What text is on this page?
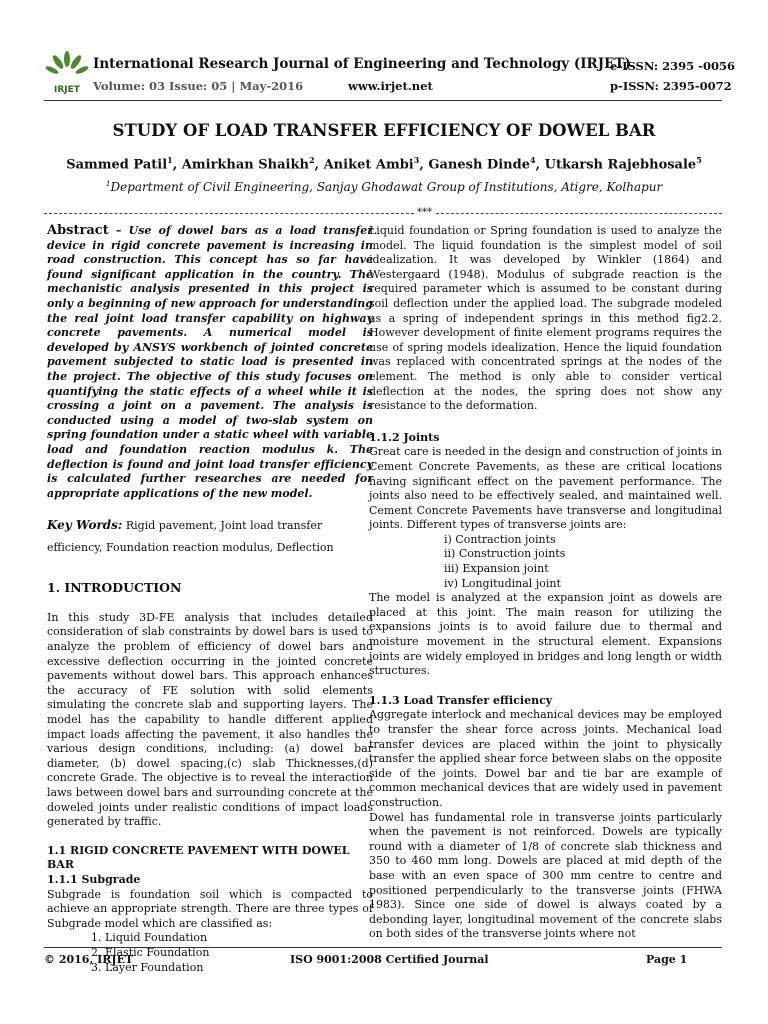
IRJET
International Research Journal of Engineering and Technology (IRJET)
Volume: 03 Issue: 05 | May-2016	www.irjet.net
e-ISSN: 2395 -0056
p-ISSN: 2395-0072
STUDY OF LOAD TRANSFER EFFICIENCY OF DOWEL BAR
Sammed Patil$^1$, Amirkhan Shaikh$^2$, Aniket Ambi$^3$, Ganesh Dinde$^4$, Utkarsh Rajebhosale$^5$
$^1$Department of Civil Engineering, Sanjay Ghodawat Group of Institutions, Atigre, Kolhapur
***

Abstract – Use of dowel bars as a load transfer device in rigid concrete pavement is increasing in road construction. This concept has so far have found significant application in the country. The mechanistic analysis presented in this project is only a beginning of new approach for understanding the real joint load transfer capability on highway concrete pavements. A numerical model is developed by ANSYS workbench of jointed concrete pavement subjected to static load is presented in the project. The objective of this study focuses on quantifying the static effects of a wheel while it is crossing a joint on a pavement. The analysis is conducted using a model of two-slab system on spring foundation under a static wheel with variable load and foundation reaction modulus k. The deflection is found and joint load transfer efficiency is calculated further researches are needed for appropriate applications of the new model.

Key Words: Rigid pavement, Joint load transfer efficiency, Foundation reaction modulus, Deflection

1. INTRODUCTION

In this study 3D-FE analysis that includes detailed consideration of slab constraints by dowel bars is used to analyze the problem of efficiency of dowel bars and excessive deflection occurring in the jointed concrete pavements without dowel bars. This approach enhances the accuracy of FE solution with solid elements simulating the concrete slab and supporting layers. The model has the capability to handle different applied impact loads affecting the pavement, it also handles the various design conditions, including: (a) dowel bar diameter, (b) dowel spacing,(c) slab Thicknesses,(d) concrete Grade. The objective is to reveal the interaction laws between dowel bars and surrounding concrete at the doweled joints under realistic conditions of impact loads generated by traffic.

1.1 RIGID CONCRETE PAVEMENT WITH DOWEL BAR
1.1.1 Subgrade

Subgrade is foundation soil which is compacted to achieve an appropriate strength. There are three types of Subgrade model which are classified as:

1. Liquid Foundation
2. Elastic Foundation
3. Layer Foundation

Liquid foundation or Spring foundation is used to analyze the model. The liquid foundation is the simplest model of soil idealization. It was developed by Winkler (1864) and Westergaard (1948). Modulus of subgrade reaction is the required parameter which is assumed to be constant during soil deflection under the applied load. The subgrade modeled as a spring of independent springs in this method fig2.2. However development of finite element programs requires the use of spring models idealization. Hence the liquid foundation was replaced with concentrated springs at the nodes of the element. The method is only able to consider vertical deflection at the nodes, the spring does not show any resistance to the deformation.

1.1.2 Joints

Great care is needed in the design and construction of joints in Cement Concrete Pavements, as these are critical locations having significant effect on the pavement performance. The joints also need to be effectively sealed, and maintained well. Cement Concrete Pavements have transverse and longitudinal joints. Different types of transverse joints are:

i) Contraction joints
ii) Construction joints
iii) Expansion joint
iv) Longitudinal joint

The model is analyzed at the expansion joint as dowels are placed at this joint. The main reason for utilizing the expansions joints is to avoid failure due to thermal and moisture movement in the structural element. Expansions joints are widely employed in bridges and long length or width structures.

1.1.3 Load Transfer efficiency

Aggregate interlock and mechanical devices may be employed to transfer the shear force across joints. Mechanical load transfer devices are placed within the joint to physically transfer the applied shear force between slabs on the opposite side of the joints. Dowel bar and tie bar are example of common mechanical devices that are widely used in pavement construction.

Dowel has fundamental role in transverse joints particularly when the pavement is not reinforced. Dowels are typically round with a diameter of 1/8 of concrete slab thickness and 350 to 460 mm long. Dowels are placed at mid depth of the base with an even space of 300 mm centre to centre and positioned perpendicularly to the transverse joints (FHWA 1983). Since one side of dowel is always coated by a debonding layer, longitudinal movement of the concrete slabs on both sides of the transverse joints where not

© 2016, IRJET	ISO 9001:2008 Certified Journal	Page 1
